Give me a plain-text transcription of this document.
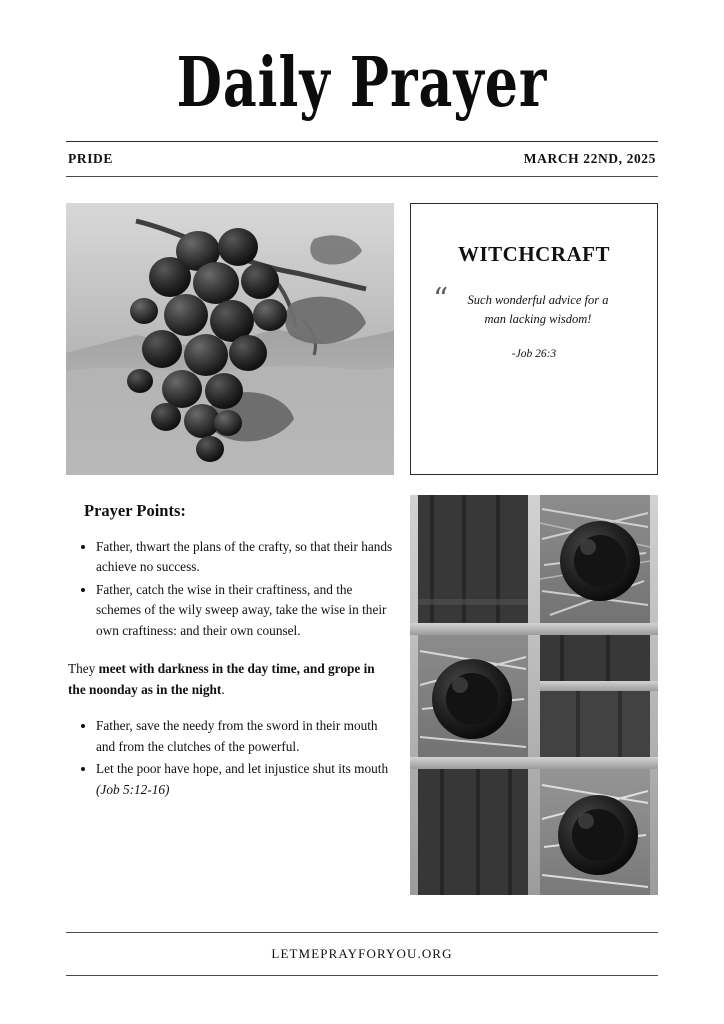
Daily Prayer
PRIDE	MARCH 22ND, 2025
WITCHCRAFT
“ Such wonderful advice for a man lacking wisdom!
-Job 26:3
Prayer Points:
• Father, thwart the plans of the crafty, so that their hands achieve no success.
• Father, catch the wise in their craftiness, and the schemes of the wily sweep away, take the wise in their own craftiness: and their own counsel.

They meet with darkness in the day time, and grope in the noonday as in the night.

• Father, save the needy from the sword in their mouth and from the clutches of the powerful.
• Let the poor have hope, and let injustice shut its mouth
(Job 5:12-16)
LETMEPRAYFORYOU.ORG
